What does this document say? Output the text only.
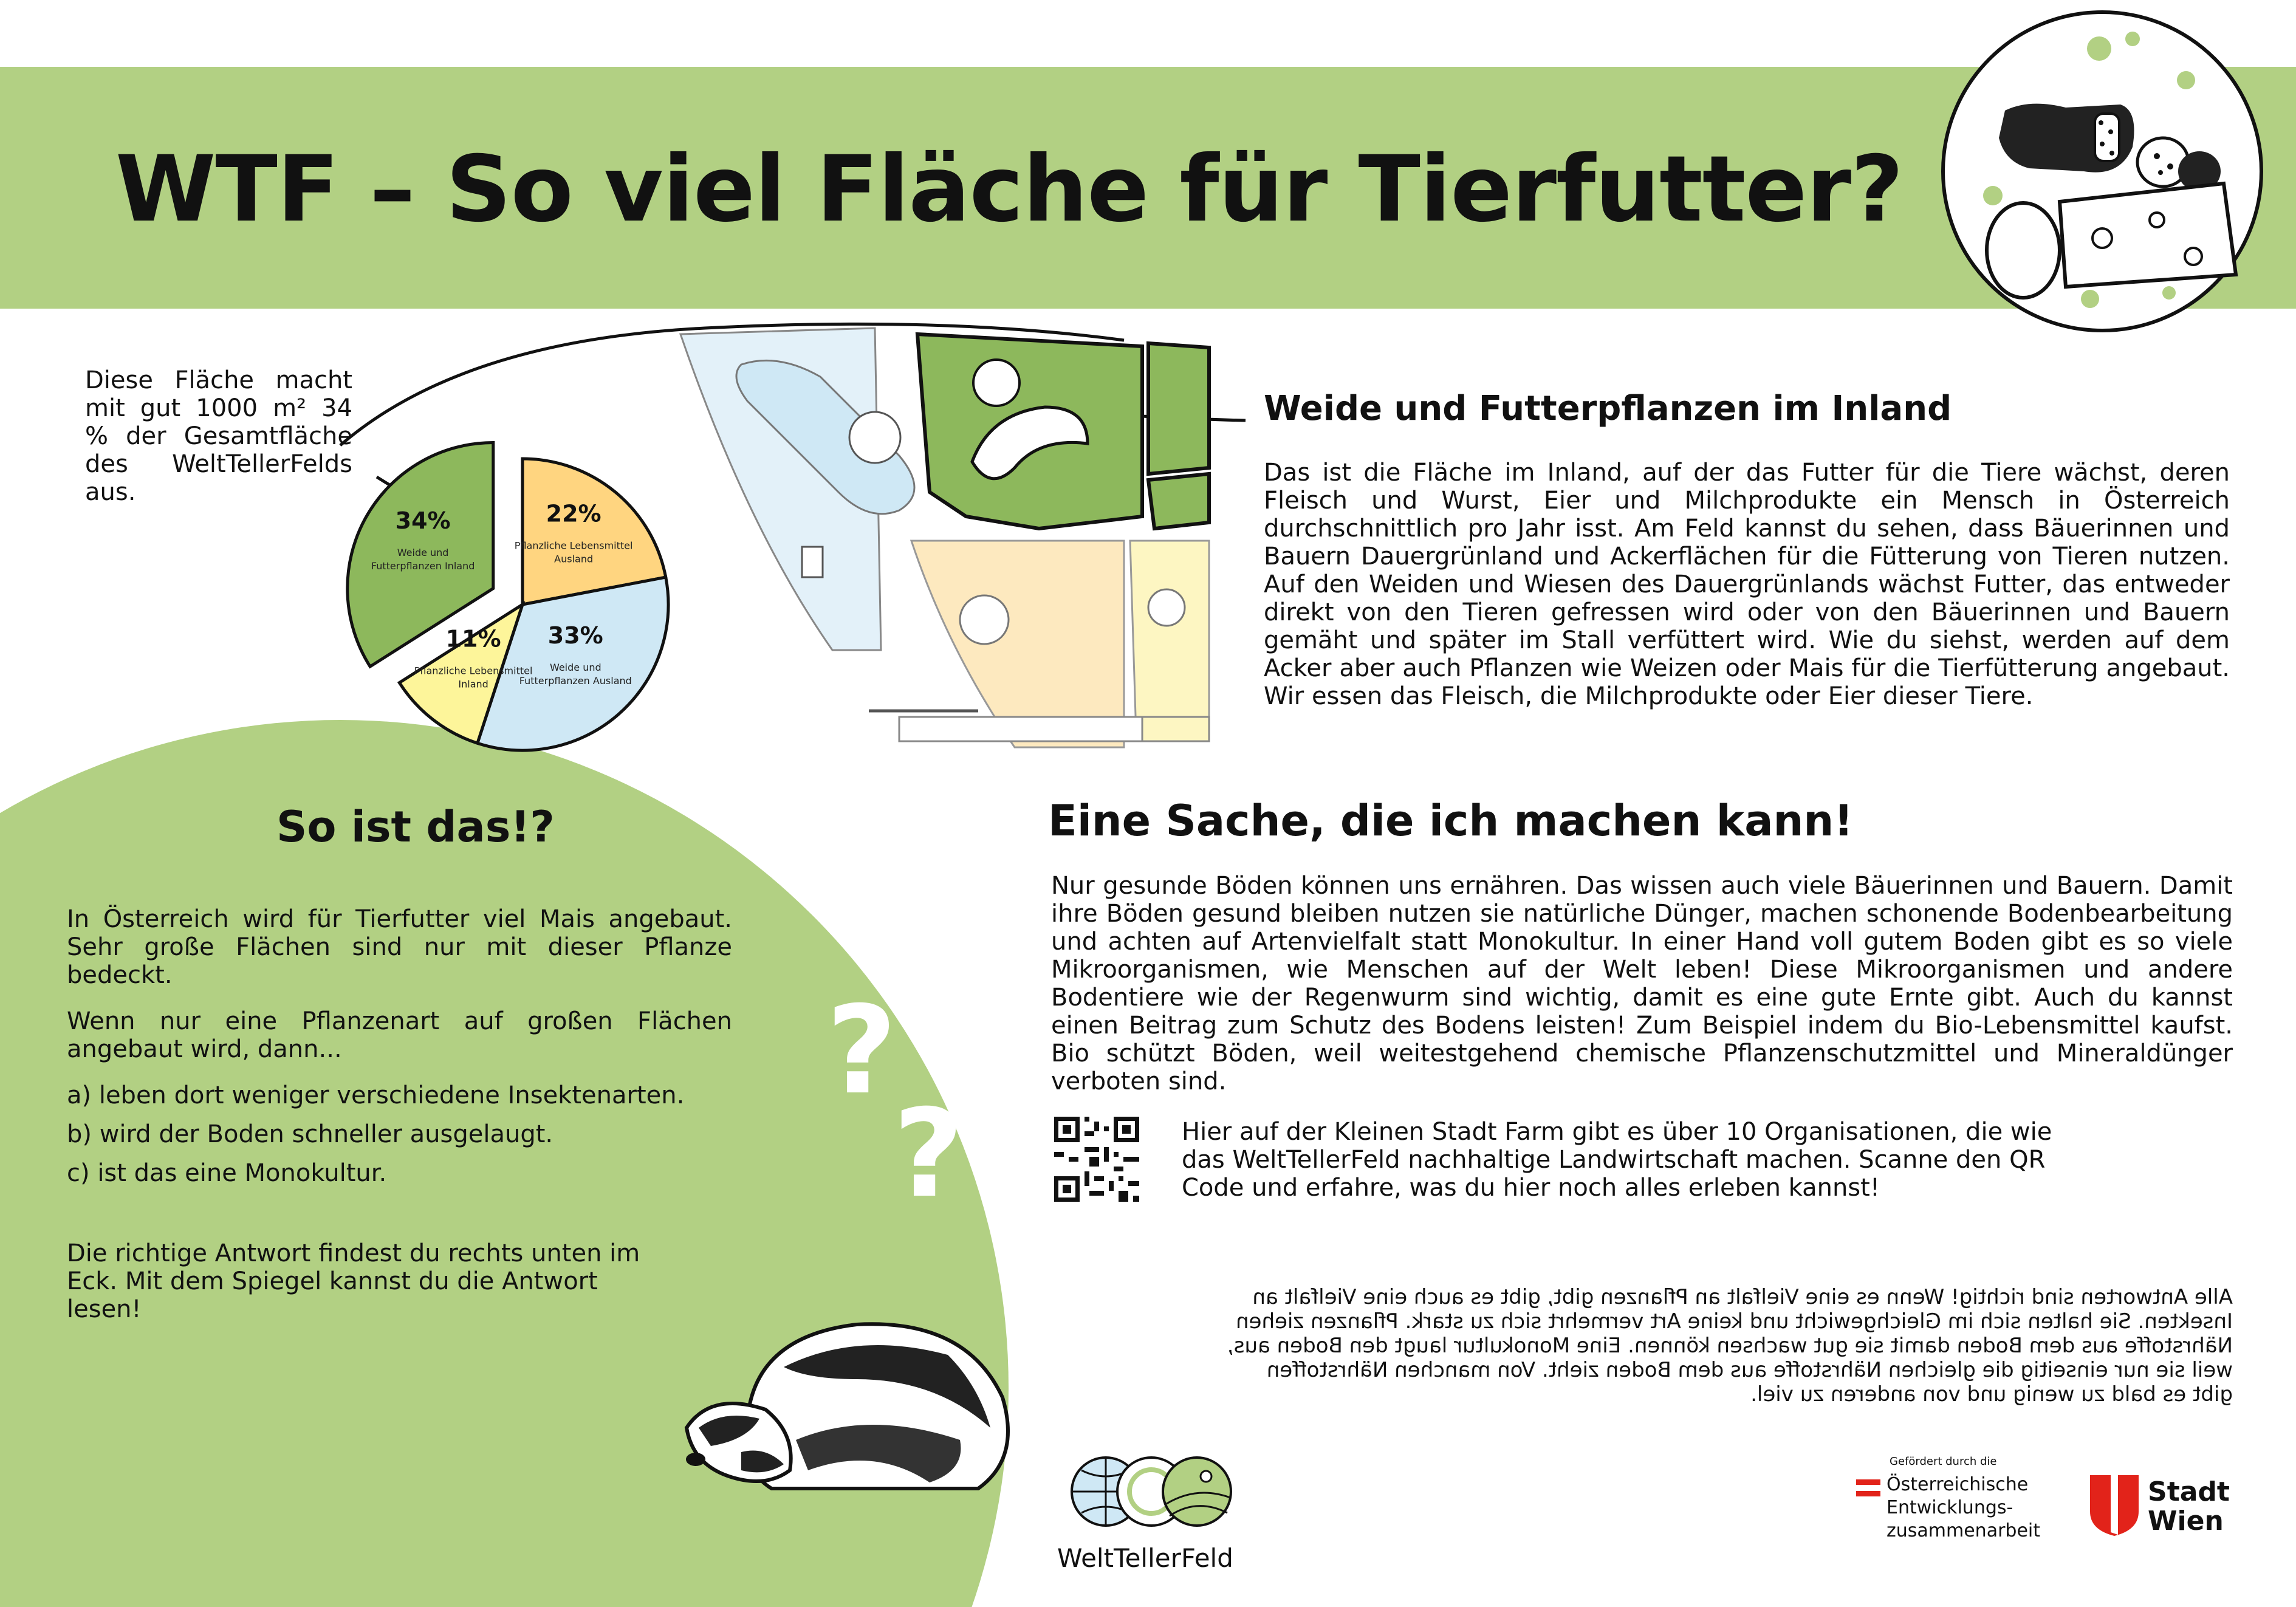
WTF – So viel Fläche für Tierfutter?
Diese Fläche macht mit gut 1000 m² 34 % der Gesamtfläche des WeltTellerFelds aus.
22%
Pflanzliche Lebensmittel
Ausland
33%
Weide und
Futterpflanzen Ausland
11%
Pflanzliche Lebensmittel
Inland
34%
Weide und
Futterpflanzen Inland
Weide und Futterpflanzen im Inland
Das ist die Fläche im Inland, auf der das Futter für die Tiere wächst, deren Fleisch und Wurst, Eier und Milchprodukte ein Mensch in Österreich durchschnittlich pro Jahr isst. Am Feld kannst du sehen, dass Bäuerinnen und Bauern Dauergrünland und Ackerflächen für die Fütterung von Tieren nutzen. Auf den Weiden und Wiesen des Dauergrünlands wächst Futter, das entweder direkt von den Tieren gefressen wird oder von den Bäuerinnen und Bauern gemäht und später im Stall verfüttert wird. Wie du siehst, werden auf dem Acker aber auch Pflanzen wie Weizen oder Mais für die Tierfütterung angebaut. Wir essen das Fleisch, die Milchprodukte oder Eier dieser Tiere.
So ist das!?

In Österreich wird für Tierfutter viel Mais angebaut. Sehr große Flächen sind nur mit dieser Pflanze bedeckt.

Wenn nur eine Pflanzenart auf großen Flächen angebaut wird, dann...

a) leben dort weniger verschiedene Insektenarten.
b) wird der Boden schneller ausgelaugt.
c) ist das eine Monokultur.
Die richtige Antwort findest du rechts unten im Eck. Mit dem Spiegel kannst du die Antwort lesen!
? ?
?
Eine Sache, die ich machen kann!
Nur gesunde Böden können uns ernähren. Das wissen auch viele Bäuerinnen und Bauern. Damit ihre Böden gesund bleiben nutzen sie natürliche Dünger, machen schonende Bodenbearbeitung und achten auf Artenvielfalt statt Monokultur. In einer Hand voll gutem Boden gibt es so viele Mikroorganismen, wie Menschen auf der Welt leben! Diese Mikroorganismen und andere Bodentiere wie der Regenwurm sind wichtig, damit es eine gute Ernte gibt. Auch du kannst einen Beitrag zum Schutz des Bodens leisten! Zum Beispiel indem du Bio-Lebensmittel kaufst. Bio schützt Böden, weil weitestgehend chemische Pflanzenschutzmittel und Mineraldünger verboten sind.
Hier auf der Kleinen Stadt Farm gibt es über 10 Organisationen, die wie das WeltTellerFeld nachhaltige Landwirtschaft machen. Scanne den QR Code und erfahre, was du hier noch alles erleben kannst!
Alle Antworten sind richtig! Wenn es eine Vielfalt an Pflanzen gibt, gibt es auch eine Vielfalt an Insekten. Sie halten sich im Gleichgewicht und keine Art vermehrt sich zu stark. Pflanzen ziehen Nährstoffe aus dem Boden damit sie gut wachsen können. Eine Monokultur laugt den Boden aus, weil sie nur einseitig die gleichen Nährstoffe aus dem Boden zieht. Von manchen Nährstoffen gibt es bald zu wenig und von anderen zu viel.
WeltTellerFeld
Gefördert durch die
Österreichische Entwicklungs- zusammenarbeit
Stadt Wien
